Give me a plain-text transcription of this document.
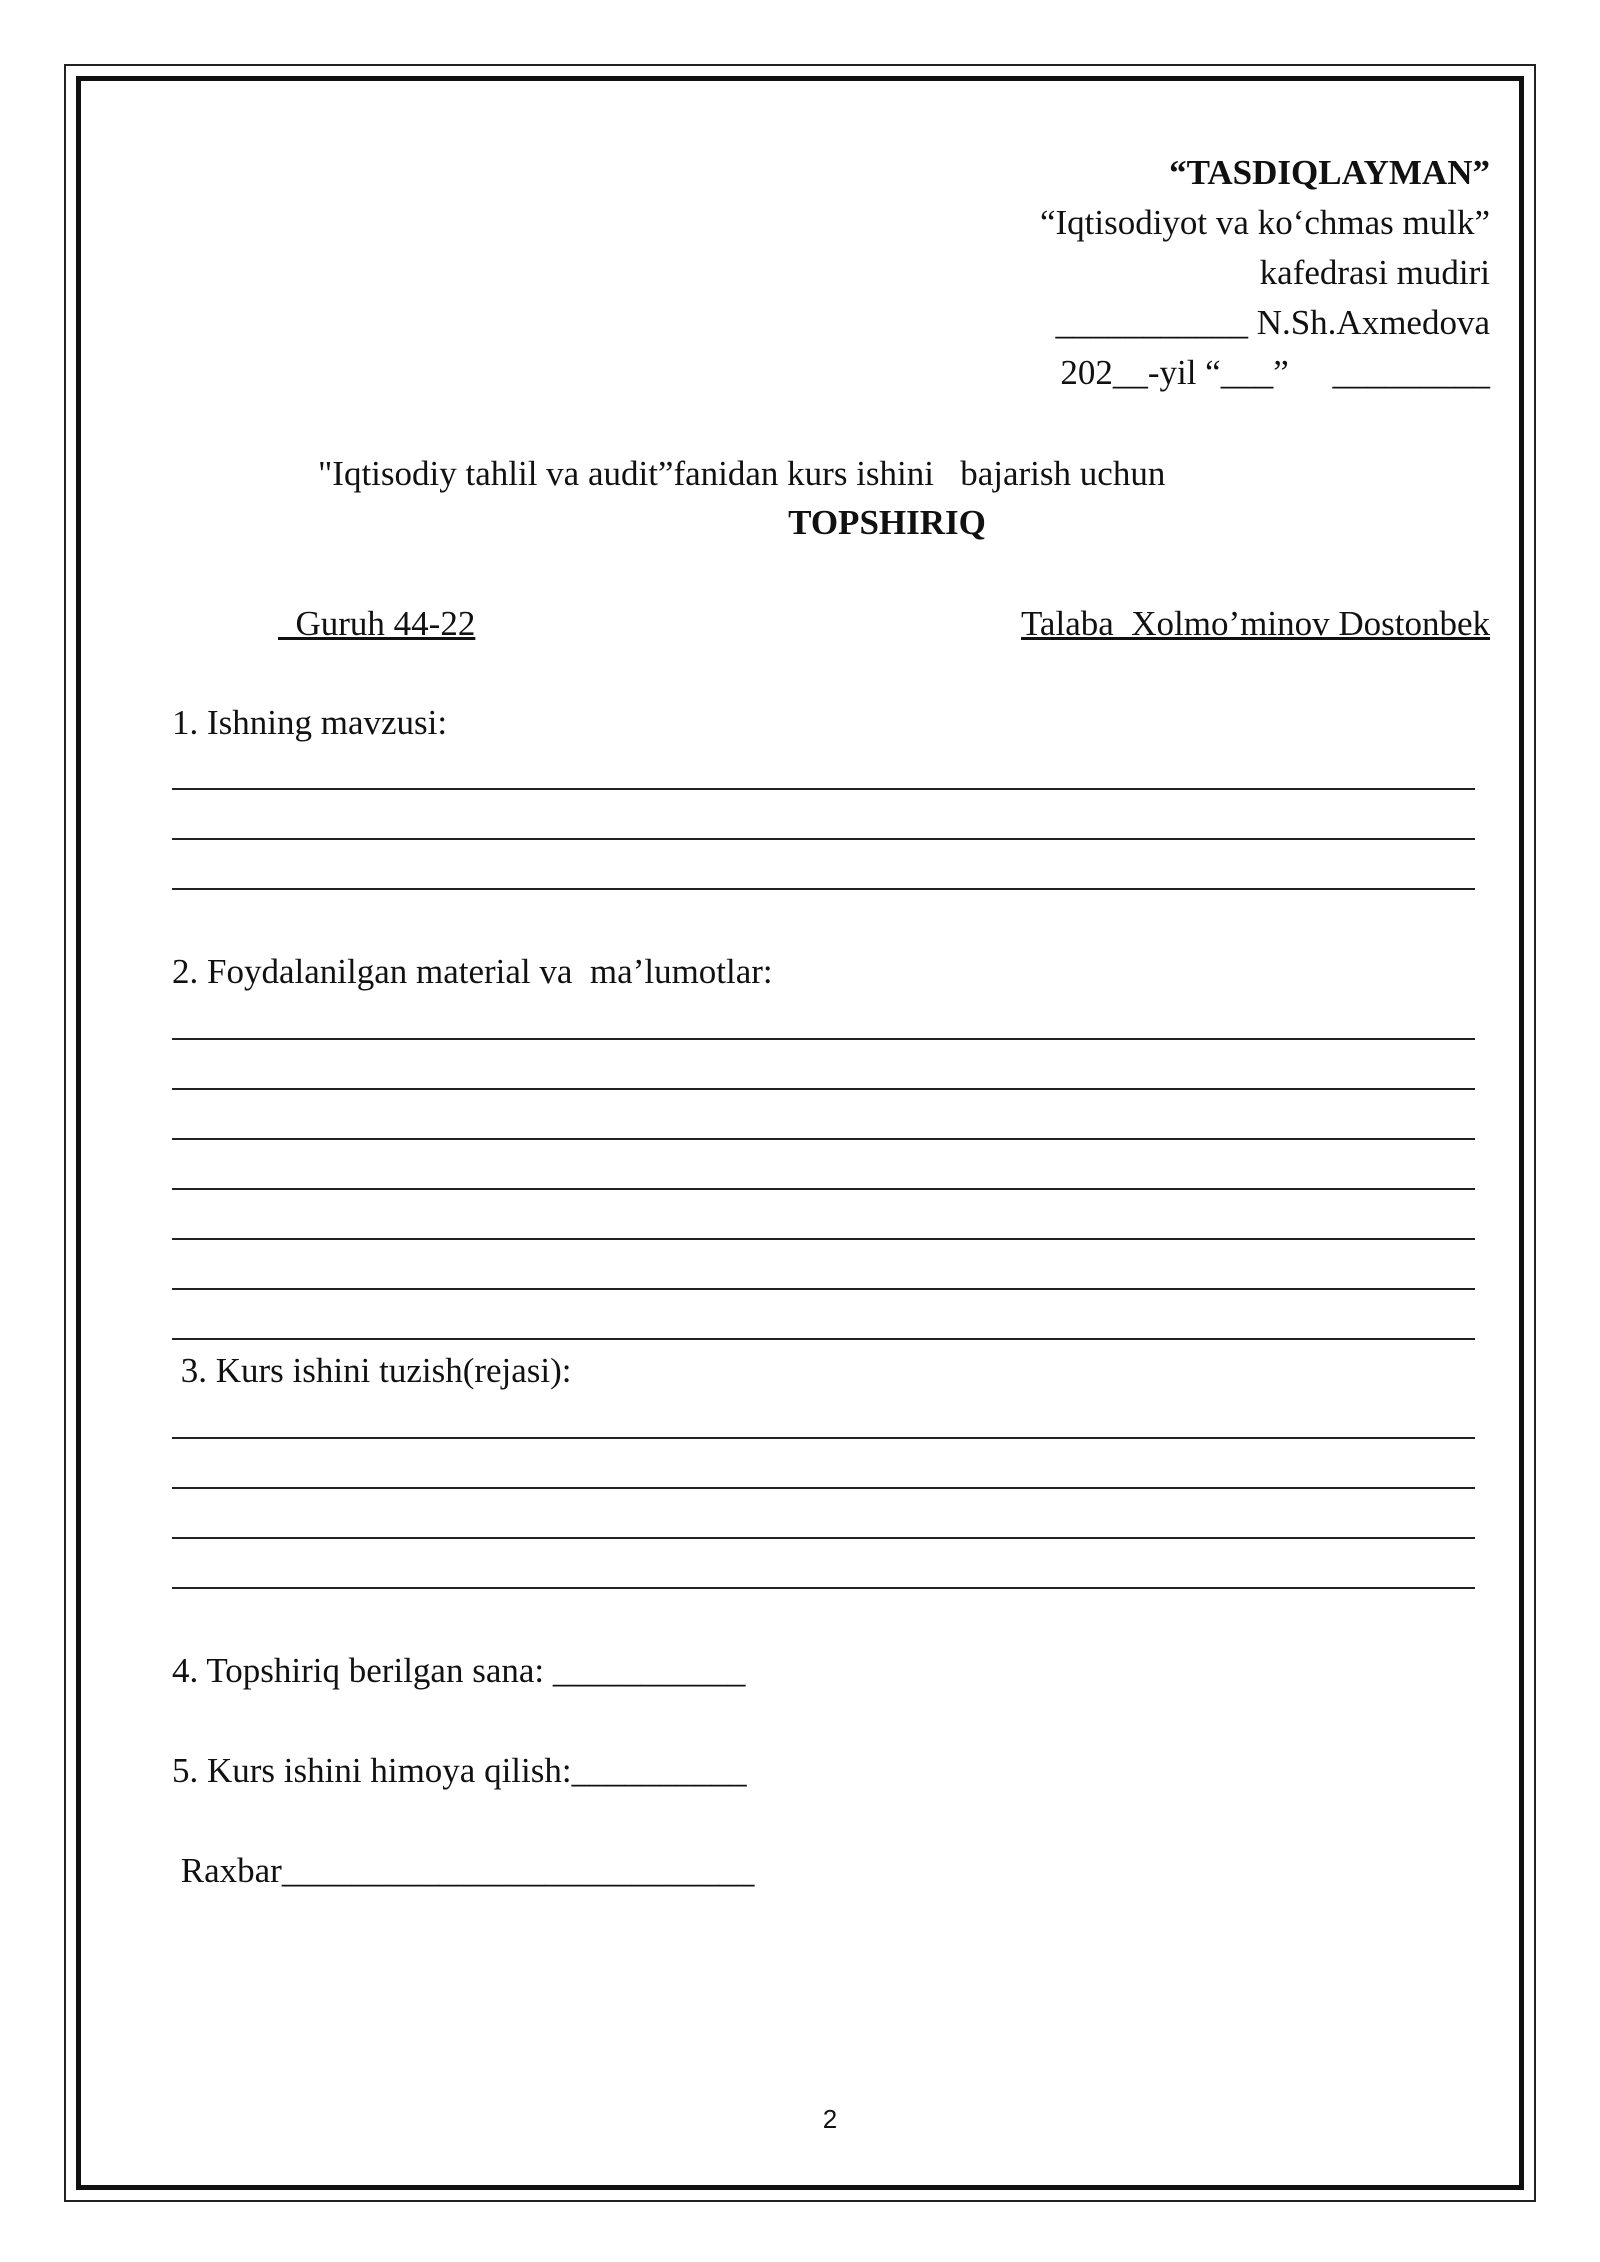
“TASDIQLAYMAN”
“Iqtisodiyot va ko‘chmas mulk”
kafedrasi mudiri
___________ N.Sh.Axmedova
202__-yil “___”     _________
"Iqtisodiy tahlil va audit”fanidan kurs ishini   bajarish uchun
TOPSHIRIQ
Guruh 44-22	Talaba  Xolmo’minov Dostonbek
1. Ishning mavzusi:
2. Foydalanilgan material va  ma’lumotlar:
3. Kurs ishini tuzish(rejasi):
4. Topshiriq berilgan sana: ___________
5. Kurs ishini himoya qilish:__________
Raxbar___________________________
2
